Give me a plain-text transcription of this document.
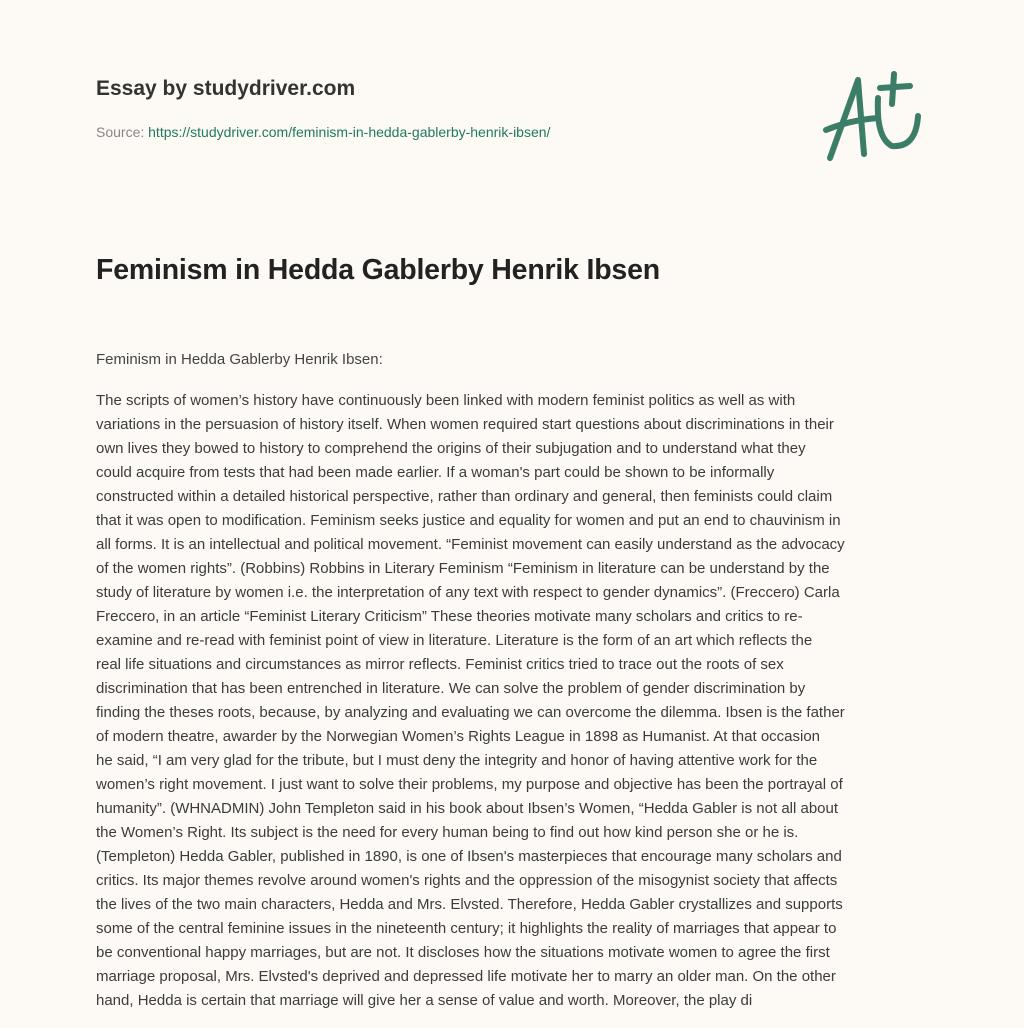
Essay by studydriver.com
Source: https://studydriver.com/feminism-in-hedda-gablerby-henrik-ibsen/
Feminism in Hedda Gablerby Henrik Ibsen
Feminism in Hedda Gablerby Henrik Ibsen:
The scripts of women’s history have continuously been linked with modern feminist politics as well as with
variations in the persuasion of history itself. When women required start questions about discriminations in their
own lives they bowed to history to comprehend the origins of their subjugation and to understand what they
could acquire from tests that had been made earlier. If a woman's part could be shown to be informally
constructed within a detailed historical perspective, rather than ordinary and general, then feminists could claim
that it was open to modification. Feminism seeks justice and equality for women and put an end to chauvinism in
all forms. It is an intellectual and political movement. “Feminist movement can easily understand as the advocacy
of the women rights”. (Robbins) Robbins in Literary Feminism “Feminism in literature can be understand by the
study of literature by women i.e. the interpretation of any text with respect to gender dynamics”. (Freccero) Carla
Freccero, in an article “Feminist Literary Criticism” These theories motivate many scholars and critics to re-
examine and re-read with feminist point of view in literature. Literature is the form of an art which reflects the
real life situations and circumstances as mirror reflects. Feminist critics tried to trace out the roots of sex
discrimination that has been entrenched in literature. We can solve the problem of gender discrimination by
finding the theses roots, because, by analyzing and evaluating we can overcome the dilemma. Ibsen is the father
of modern theatre, awarder by the Norwegian Women’s Rights League in 1898 as Humanist. At that occasion
he said, “I am very glad for the tribute, but I must deny the integrity and honor of having attentive work for the
women’s right movement. I just want to solve their problems, my purpose and objective has been the portrayal of
humanity”. (WHNADMIN) John Templeton said in his book about Ibsen’s Women, “Hedda Gabler is not all about
the Women’s Right. Its subject is the need for every human being to find out how kind person she or he is.
(Templeton) Hedda Gabler, published in 1890, is one of Ibsen's masterpieces that encourage many scholars and
critics. Its major themes revolve around women's rights and the oppression of the misogynist society that affects
the lives of the two main characters, Hedda and Mrs. Elvsted. Therefore, Hedda Gabler crystallizes and supports
some of the central feminine issues in the nineteenth century; it highlights the reality of marriages that appear to
be conventional happy marriages, but are not. It discloses how the situations motivate women to agree the first
marriage proposal, Mrs. Elvsted's deprived and depressed life motivate her to marry an older man. On the other
hand, Hedda is certain that marriage will give her a sense of value and worth. Moreover, the play di
